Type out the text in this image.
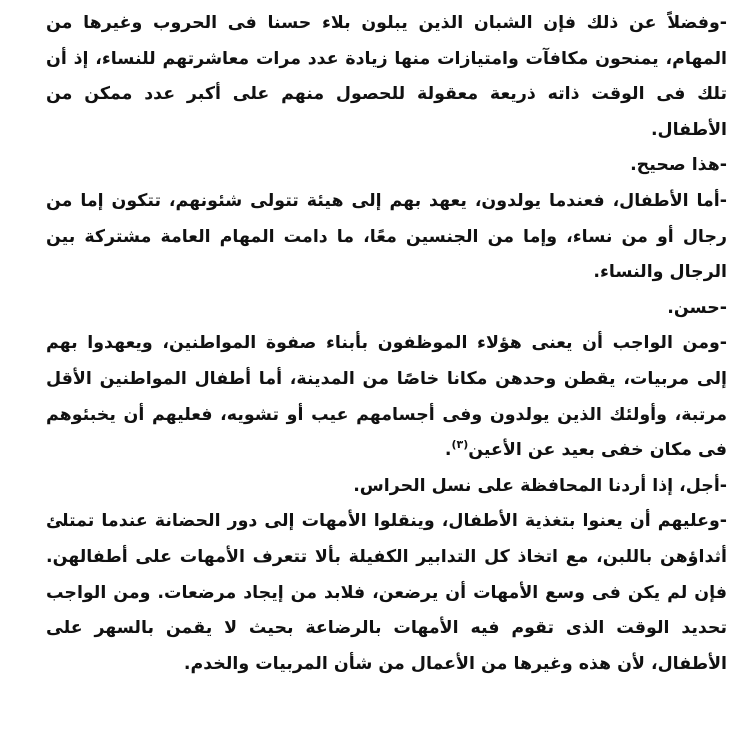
-وفضلاً عن ذلك فإن الشبان الذين يبلون بلاء حسنا فى الحروب وغيرها من المهام، يمنحون مكافآت وامتيازات منها زيادة عدد مرات معاشرتهم للنساء، إذ أن تلك فى الوقت ذاته ذريعة معقولة للحصول منهم على أكبر عدد ممكن من الأطفال.

-هذا صحيح.

-أما الأطفال، فعندما يولدون، يعهد بهم إلى هيئة تتولى شئونهم، تتكون إما من رجال أو من نساء، وإما من الجنسين معًا، ما دامت المهام العامة مشتركة بين الرجال والنساء.

-حسن.

-ومن الواجب أن يعنى هؤلاء الموظفون بأبناء صفوة المواطنين، ويعهدوا بهم إلى مربيات، يقطن وحدهن مكانا خاصًا من المدينة، أما أطفال المواطنين الأقل مرتبة، وأولئك الذين يولدون وفى أجسامهم عيب أو تشويه، فعليهم أن يخبئوهم فى مكان خفى بعيد عن الأعين$^{(٣)}$.

-أجل، إذا أردنا المحافظة على نسل الحراس.

-وعليهم أن يعنوا بتغذية الأطفال، وينقلوا الأمهات إلى دور الحضانة عندما تمتلئ أثداؤهن باللبن، مع اتخاذ كل التدابير الكفيلة بألا تتعرف الأمهات على أطفالهن. فإن لم يكن فى وسع الأمهات أن يرضعن، فلابد من إيجاد مرضعات. ومن الواجب تحديد الوقت الذى تقوم فيه الأمهات بالرضاعة بحيث لا يقمن بالسهر على الأطفال، لأن هذه وغيرها من الأعمال من شأن المربيات والخدم.
